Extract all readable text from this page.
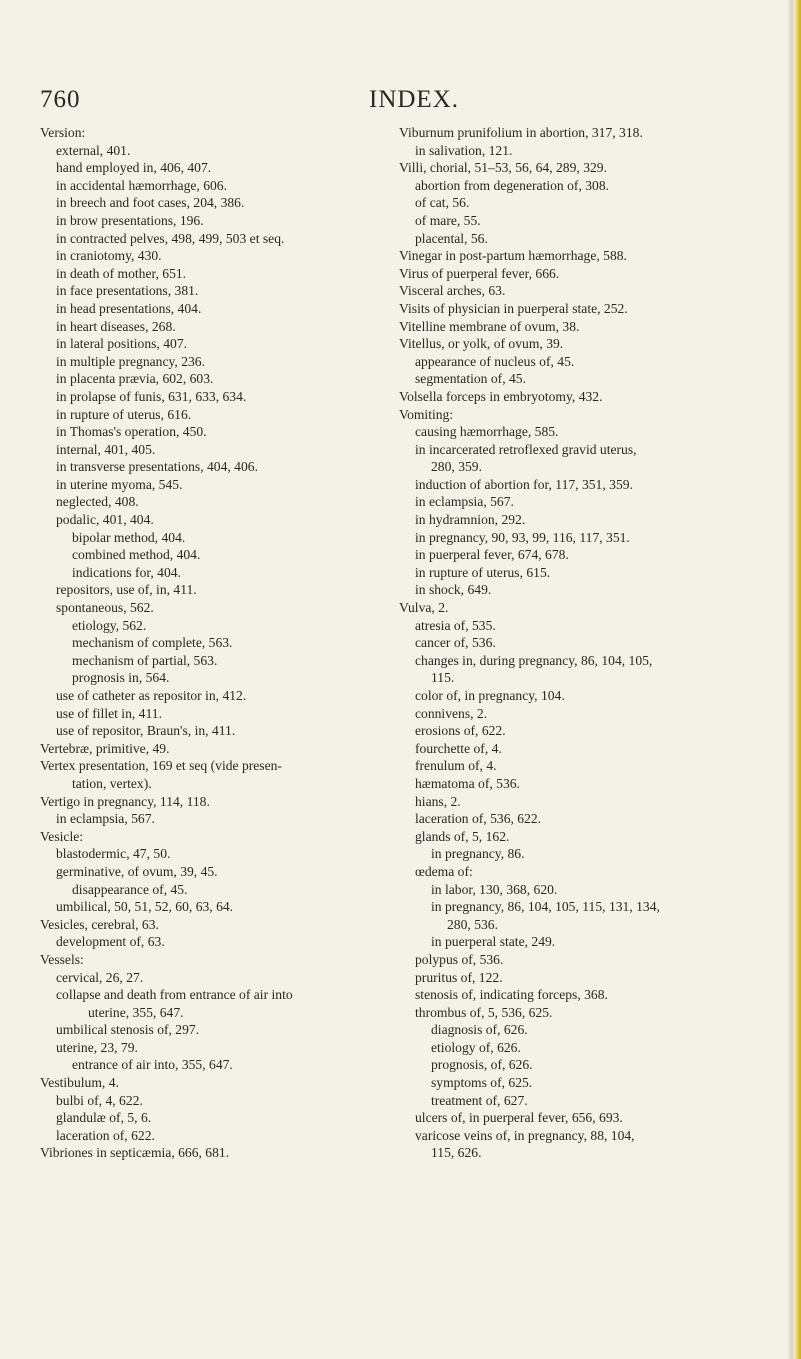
760	INDEX.
Version:
external, 401.
hand employed in, 406, 407.
in accidental hæmorrhage, 606.
in breech and foot cases, 204, 386.
in brow presentations, 196.
in contracted pelves, 498, 499, 503 et seq.
in craniotomy, 430.
in death of mother, 651.
in face presentations, 381.
in head presentations, 404.
in heart diseases, 268.
in lateral positions, 407.
in multiple pregnancy, 236.
in placenta prævia, 602, 603.
in prolapse of funis, 631, 633, 634.
in rupture of uterus, 616.
in Thomas's operation, 450.
internal, 401, 405.
in transverse presentations, 404, 406.
in uterine myoma, 545.
neglected, 408.
podalic, 401, 404.
bipolar method, 404.
combined method, 404.
indications for, 404.
repositors, use of, in, 411.
spontaneous, 562.
etiology, 562.
mechanism of complete, 563.
mechanism of partial, 563.
prognosis in, 564.
use of catheter as repositor in, 412.
use of fillet in, 411.
use of repositor, Braun's, in, 411.
Vertebræ, primitive, 49.
Vertex presentation, 169 et seq (vide presen-
tation, vertex).
Vertigo in pregnancy, 114, 118.
in eclampsia, 567.
Vesicle:
blastodermic, 47, 50.
germinative, of ovum, 39, 45.
disappearance of, 45.
umbilical, 50, 51, 52, 60, 63, 64.
Vesicles, cerebral, 63.
development of, 63.
Vessels:
cervical, 26, 27.
collapse and death from entrance of air into
uterine, 355, 647.
umbilical stenosis of, 297.
uterine, 23, 79.
entrance of air into, 355, 647.
Vestibulum, 4.
bulbi of, 4, 622.
glandulæ of, 5, 6.
laceration of, 622.
Vibriones in septicæmia, 666, 681.
Viburnum prunifolium in abortion, 317, 318.
in salivation, 121.
Villi, chorial, 51–53, 56, 64, 289, 329.
abortion from degeneration of, 308.
of cat, 56.
of mare, 55.
placental, 56.
Vinegar in post-partum hæmorrhage, 588.
Virus of puerperal fever, 666.
Visceral arches, 63.
Visits of physician in puerperal state, 252.
Vitelline membrane of ovum, 38.
Vitellus, or yolk, of ovum, 39.
appearance of nucleus of, 45.
segmentation of, 45.
Volsella forceps in embryotomy, 432.
Vomiting:
causing hæmorrhage, 585.
in incarcerated retroflexed gravid uterus,
280, 359.
induction of abortion for, 117, 351, 359.
in eclampsia, 567.
in hydramnion, 292.
in pregnancy, 90, 93, 99, 116, 117, 351.
in puerperal fever, 674, 678.
in rupture of uterus, 615.
in shock, 649.
Vulva, 2.
atresia of, 535.
cancer of, 536.
changes in, during pregnancy, 86, 104, 105,
115.
color of, in pregnancy, 104.
connivens, 2.
erosions of, 622.
fourchette of, 4.
frenulum of, 4.
hæmatoma of, 536.
hians, 2.
laceration of, 536, 622.
glands of, 5, 162.
in pregnancy, 86.
œdema of:
in labor, 130, 368, 620.
in pregnancy, 86, 104, 105, 115, 131, 134,
280, 536.
in puerperal state, 249.
polypus of, 536.
pruritus of, 122.
stenosis of, indicating forceps, 368.
thrombus of, 5, 536, 625.
diagnosis of, 626.
etiology of, 626.
prognosis, of, 626.
symptoms of, 625.
treatment of, 627.
ulcers of, in puerperal fever, 656, 693.
varicose veins of, in pregnancy, 88, 104,
115, 626.
